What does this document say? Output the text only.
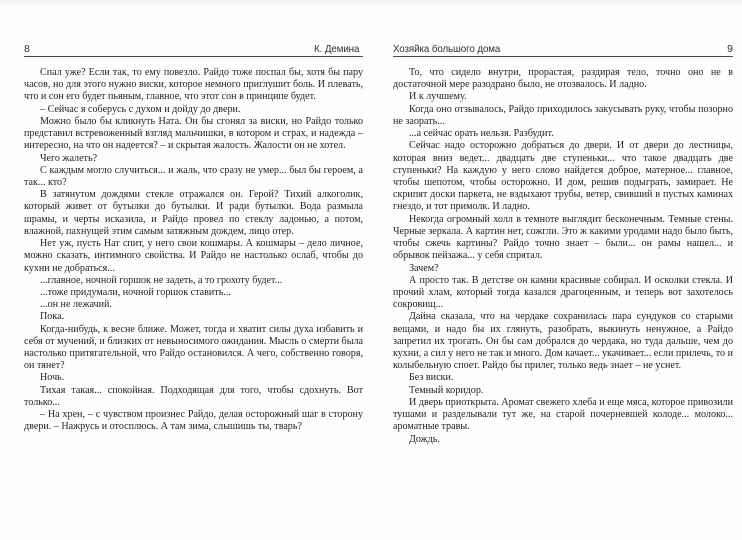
8	К. Демина

Спал уже? Если так, то ему повезло. Райдо тоже поспал бы, хотя бы пару часов, но для этого нужно виски, которое немного приглушит боль. И плевать, что и сон его будет пьяным, главное, что этот сон в принципе будет.

– Сейчас я соберусь с духом и дойду до двери.

Можно было бы кликнуть Ната. Он бы сгонял за виски, но Райдо только представил встревоженный взгляд мальчишки, в котором и страх, и надежда – интересно, на что он надеется? – и скрытая жалость. Жалости он не хотел.

Чего жалеть?

С каждым могло случиться... и жаль, что сразу не умер... был бы героем, а так... кто?

В затянутом дождями стекле отражался он. Герой? Тихий алкоголик, который живет от бутылки до бутылки. И ради бутылки. Вода размыла шрамы, и черты исказила, и Райдо провел по стеклу ладонью, а потом, влажной, пахнущей этим самым затяжным дождем, лицо отер.

Нет уж, пусть Нат спит, у него свои кошмары. А кошмары – дело личное, можно сказать, интимного свойства. И Райдо не настолько ослаб, чтобы до кухни не добраться...

...главное, ночной горшок не задеть, а то грохоту будет...

...тоже придумали, ночной горшок ставить...

...он не лежачий.

Пока.

Когда-нибудь, к весне ближе. Может, тогда и хватит силы духа избавить и себя от мучений, и близких от невыносимого ожидания. Мысль о смерти была настолько притягательной, что Райдо остановился. А чего, собственно говоря, он тянет?

Ночь.

Тихая такая... спокойная. Подходящая для того, чтобы сдохнуть. Вот только...

– На хрен, – с чувством произнес Райдо, делая осторожный шаг в сторону двери. – Нажрусь и отосплюсь. А там зима, слышишь ты, тварь?

Хозяйка большого дома	9

То, что сидело внутри, прорастая, раздирая тело, точно оно не в достаточной мере разодрано было, не отозвалось. И ладно.

И к лучшему.

Когда оно отзывалось, Райдо приходилось закусывать руку, чтобы позорно не заорать...

...а сейчас орать нельзя. Разбудит.

Сейчас надо осторожно добраться до двери. И от двери до лестницы, которая вниз ведет... двадцать две ступеньки... что такое двадцать две ступеньки? На каждую у него слово найдется доброе, матерное... главное, чтобы шепотом, чтобы осторожно. И дом, решив подыграть, замирает. Не скрипят доски паркета, не вздыхают трубы, ветер, свивший в пустых каминах гнездо, и тот примолк. И ладно.

Некогда огромный холл в темноте выглядит бесконечным. Темные стены. Черные зеркала. А картин нет, сожгли. Это ж какими уродами надо было быть, чтобы сжечь картины? Райдо точно знает – были... он рамы нашел... и обрывок пейзажа... у себя спрятал.

Зачем?

А просто так. В детстве он камни красивые собирал. И осколки стекла. И прочий хлам, который тогда казался драгоценным, и теперь вот захотелось сокровищ...

Дайна сказала, что на чердаке сохранилась пара сундуков со старыми вещами, и надо бы их глянуть, разобрать, выкинуть ненужное, а Райдо запретил их трогать. Он бы сам добрался до чердака, но туда дальше, чем до кухни, а сил у него не так и много. Дом качает... укачивает... если прилечь, то и колыбельную споет. Райдо бы прилег, только ведь знает – не уснет.

Без виски.

Темный коридор.

И дверь приоткрыта. Аромат свежего хлеба и еще мяса, которое привозили тушами и разделывали тут же, на старой почерневшей колоде... молоко... ароматные травы.

Дождь.
